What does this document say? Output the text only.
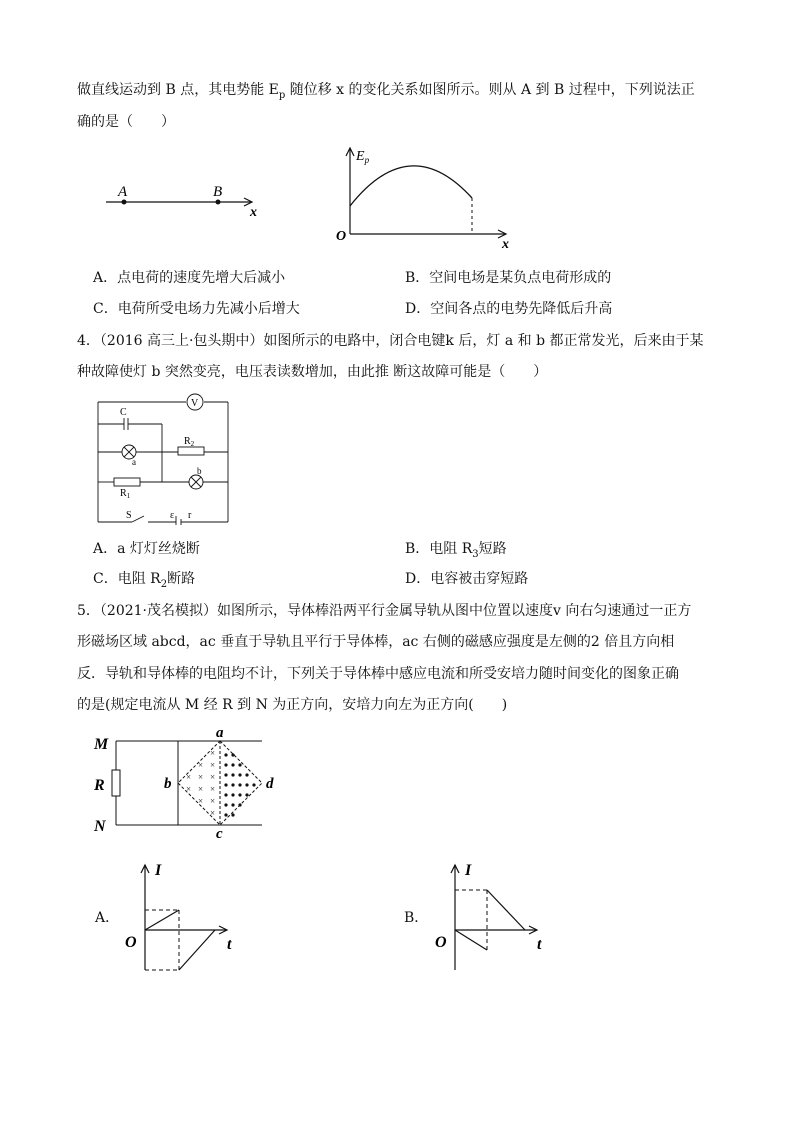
做直线运动到 B 点，其电势能 $E_p$ 随位移 x 的变化关系如图所示。则从 A 到 B 过程中，下列说法正
确的是（　　）
A	B
x
$E_p$
O
x
A．点电荷的速度先增大后减小	B．空间电场是某负点电荷形成的
C．电荷所受电场力先减小后增大	D．空间各点的电势先降低后升高
4．（2016 高三上·包头期中）如图所示的电路中，闭合电键k 后，灯 a 和 b 都正常发光，后来由于某
种故障使灯 b 突然变亮，电压表读数增加，由此推 断这故障可能是（　　）
V
C
a
$R_2$
b
$R_1$
S	ε r
A．a 灯灯丝烧断	B．电阻 $R_3$短路
C．电阻 $R_2$断路	D．电容被击穿短路
5．（2021·茂名模拟）如图所示，导体棒沿两平行金属导轨从图中位置以速度v 向右匀速通过一正方
形磁场区域 abcd，ac 垂直于导轨且平行于导体棒，ac 右侧的磁感应强度是左侧的2 倍且方向相
反．导轨和导体棒的电阻均不计，下列关于导体棒中感应电流和所受安培力随时间变化的图象正确
的是(规定电流从 M 经 R 到 N 为正方向，安培力向左为正方向(　　)
×
× ×
× × ×
× × ×
× ×
×
M
R
N
a
b
c
d
A．
I
O	t
B．
I
O	t
